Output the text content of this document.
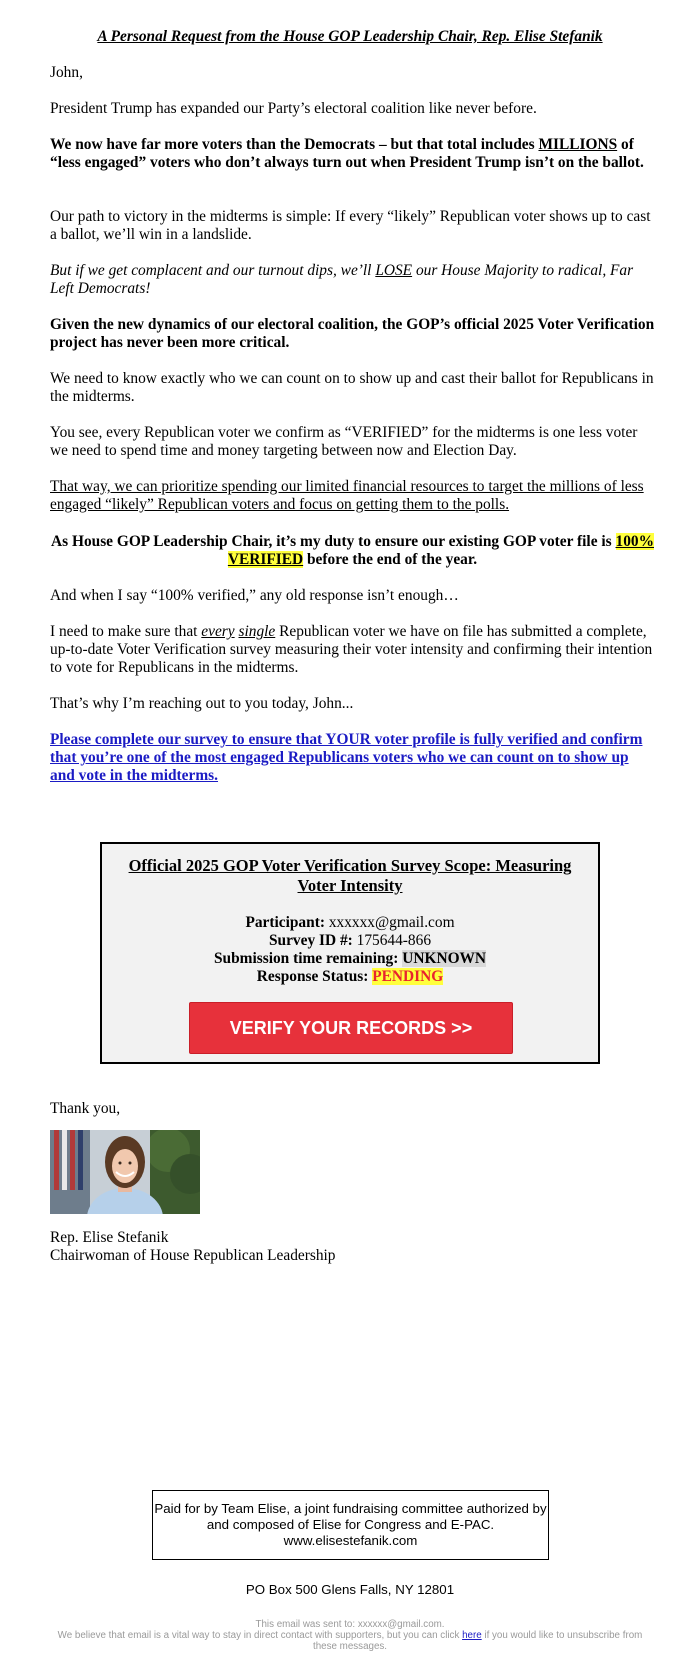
A Personal Request from the House GOP Leadership Chair, Rep. Elise Stefanik

John,

President Trump has expanded our Party’s electoral coalition like never before.

We now have far more voters than the Democrats – but that total includes MILLIONS of “less engaged” voters who don’t always turn out when President Trump isn’t on the ballot.

Our path to victory in the midterms is simple: If every “likely” Republican voter shows up to cast a ballot, we’ll win in a landslide.

But if we get complacent and our turnout dips, we’ll LOSE our House Majority to radical, Far Left Democrats!

Given the new dynamics of our electoral coalition, the GOP’s official 2025 Voter Verification project has never been more critical.

We need to know exactly who we can count on to show up and cast their ballot for Republicans in the midterms.

You see, every Republican voter we confirm as “VERIFIED” for the midterms is one less voter we need to spend time and money targeting between now and Election Day.

That way, we can prioritize spending our limited financial resources to target the millions of less engaged “likely” Republican voters and focus on getting them to the polls.

As House GOP Leadership Chair, it’s my duty to ensure our existing GOP voter file is 100% VERIFIED before the end of the year.

And when I say “100% verified,” any old response isn’t enough…

I need to make sure that every single Republican voter we have on file has submitted a complete, up-to-date Voter Verification survey measuring their voter intensity and confirming their intention to vote for Republicans in the midterms.

That’s why I’m reaching out to you today, John...

Please complete our survey to ensure that YOUR voter profile is fully verified and confirm that you’re one of the most engaged Republicans voters who we can count on to show up and vote in the midterms.

Official 2025 GOP Voter Verification Survey Scope: Measuring Voter Intensity
Participant: xxxxxx@gmail.com
Survey ID #: 175644-866
Submission time remaining: UNKNOWN
Response Status: PENDING
VERIFY YOUR RECORDS >>
Thank you,
Rep. Elise Stefanik
Chairwoman of House Republican Leadership
Paid for by Team Elise, a joint fundraising committee authorized by and composed of Elise for Congress and E-PAC. www.elisestefanik.com
PO Box 500 Glens Falls, NY 12801
This email was sent to: xxxxxx@gmail.com.
We believe that email is a vital way to stay in direct contact with supporters, but you can click here if you would like to unsubscribe from these messages.
